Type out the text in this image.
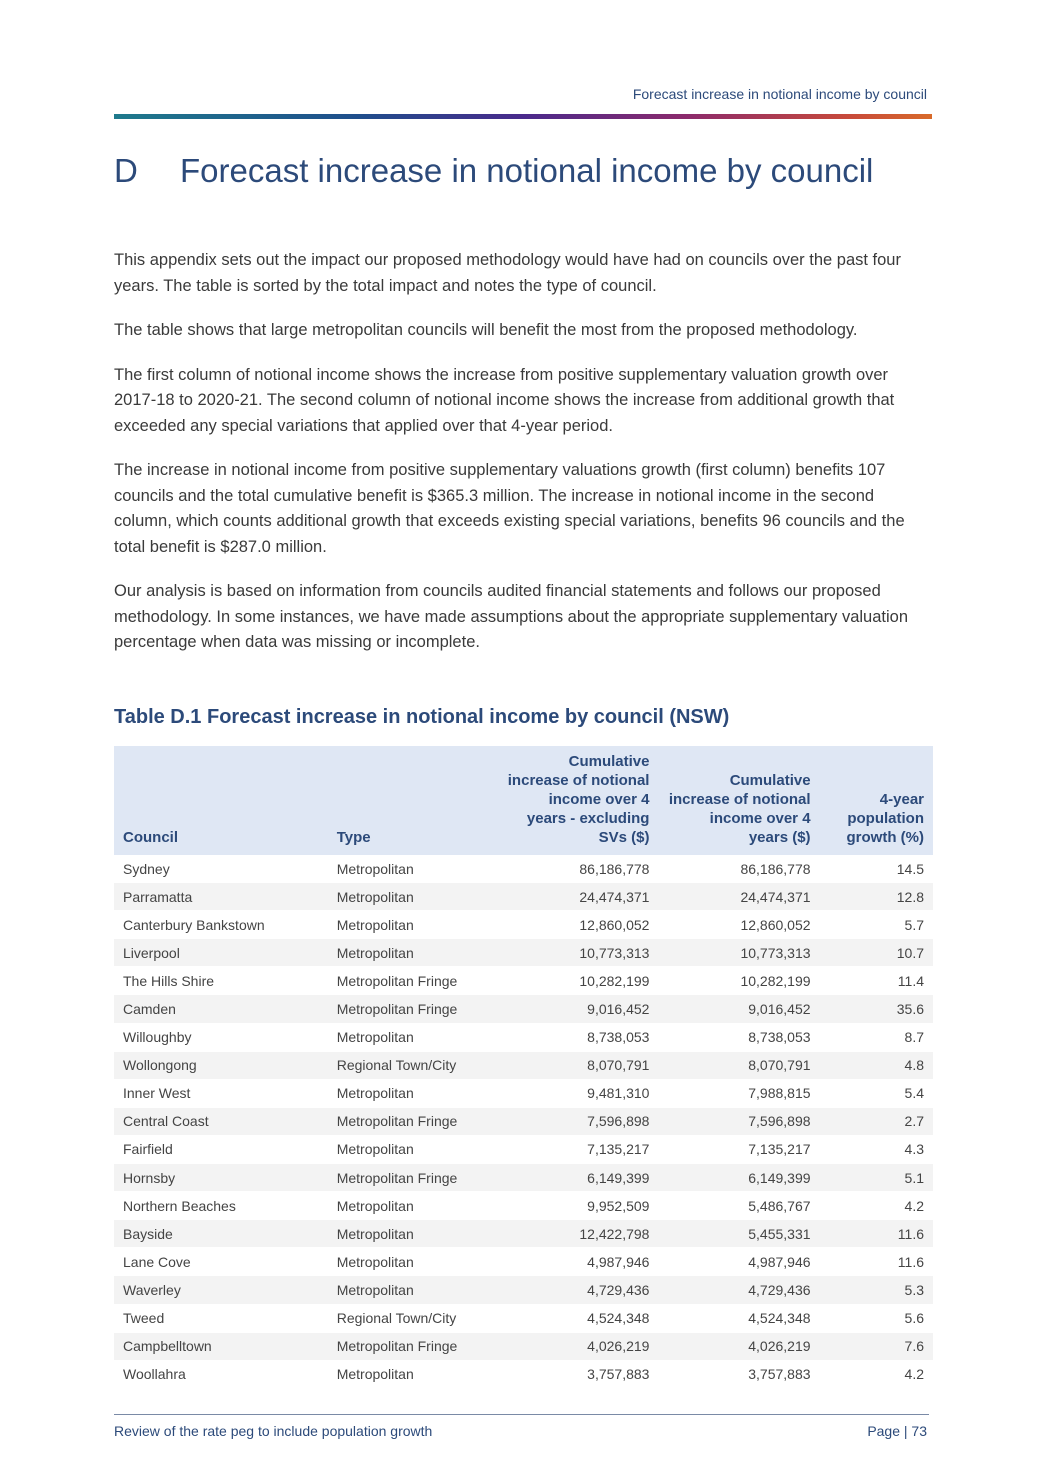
Forecast increase in notional income by council
D Forecast increase in notional income by council

This appendix sets out the impact our proposed methodology would have had on councils over the past four years. The table is sorted by the total impact and notes the type of council.

The table shows that large metropolitan councils will benefit the most from the proposed methodology.

The first column of notional income shows the increase from positive supplementary valuation growth over 2017-18 to 2020-21. The second column of notional income shows the increase from additional growth that exceeded any special variations that applied over that 4-year period.

The increase in notional income from positive supplementary valuations growth (first column) benefits 107 councils and the total cumulative benefit is $365.3 million. The increase in notional income in the second column, which counts additional growth that exceeds existing special variations, benefits 96 councils and the total benefit is $287.0 million.

Our analysis is based on information from councils audited financial statements and follows our proposed methodology. In some instances, we have made assumptions about the appropriate supplementary valuation percentage when data was missing or incomplete.

Table D.1 Forecast increase in notional income by council (NSW)
Council	Type	Cumulative increase of notional income over 4 years - excluding SVs ($)	Cumulative increase of notional income over 4 years ($)	4-year population growth (%)
Sydney	Metropolitan	86,186,778	86,186,778	14.5
Parramatta	Metropolitan	24,474,371	24,474,371	12.8
Canterbury Bankstown	Metropolitan	12,860,052	12,860,052	5.7
Liverpool	Metropolitan	10,773,313	10,773,313	10.7
The Hills Shire	Metropolitan Fringe	10,282,199	10,282,199	11.4
Camden	Metropolitan Fringe	9,016,452	9,016,452	35.6
Willoughby	Metropolitan	8,738,053	8,738,053	8.7
Wollongong	Regional Town/City	8,070,791	8,070,791	4.8
Inner West	Metropolitan	9,481,310	7,988,815	5.4
Central Coast	Metropolitan Fringe	7,596,898	7,596,898	2.7
Fairfield	Metropolitan	7,135,217	7,135,217	4.3
Hornsby	Metropolitan Fringe	6,149,399	6,149,399	5.1
Northern Beaches	Metropolitan	9,952,509	5,486,767	4.2
Bayside	Metropolitan	12,422,798	5,455,331	11.6
Lane Cove	Metropolitan	4,987,946	4,987,946	11.6
Waverley	Metropolitan	4,729,436	4,729,436	5.3
Tweed	Regional Town/City	4,524,348	4,524,348	5.6
Campbelltown	Metropolitan Fringe	4,026,219	4,026,219	7.6
Woollahra	Metropolitan	3,757,883	3,757,883	4.2
Review of the rate peg to include population growth	Page | 73
